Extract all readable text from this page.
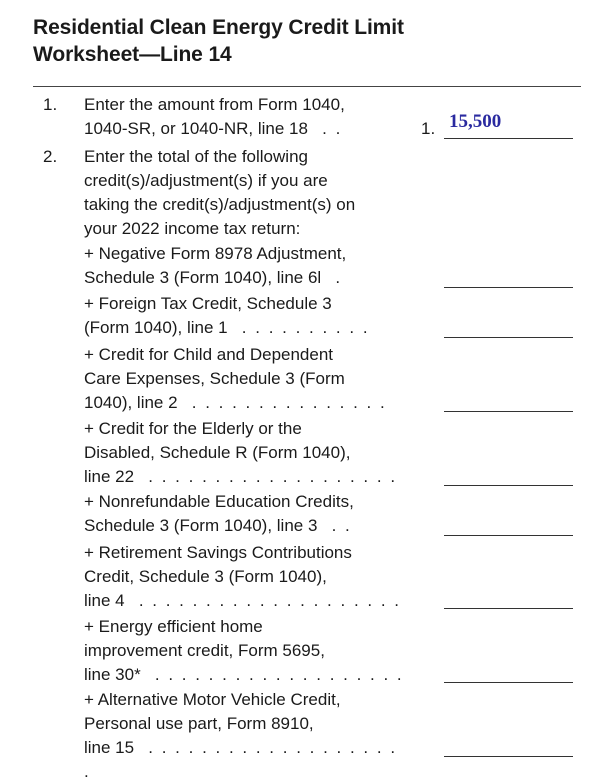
Residential Clean Energy Credit Limit
Worksheet—Line 14
1. Enter the amount from Form 1040,
1040-SR, or 1040-NR, line 18 . .	1. 15,500
2. Enter the total of the following
credit(s)/adjustment(s) if you are
taking the credit(s)/adjustment(s) on
your 2022 income tax return:
+ Negative Form 8978 Adjustment,
Schedule 3 (Form 1040), line 6l .
+ Foreign Tax Credit, Schedule 3
(Form 1040), line 1 . . . . . . . . . .
+ Credit for Child and Dependent
Care Expenses, Schedule 3 (Form
1040), line 2 . . . . . . . . . . . . . . .
+ Credit for the Elderly or the
Disabled, Schedule R (Form 1040),
line 22 . . . . . . . . . . . . . . . . . . .
+ Nonrefundable Education Credits,
Schedule 3 (Form 1040), line 3 . .
+ Retirement Savings Contributions
Credit, Schedule 3 (Form 1040),
line 4 . . . . . . . . . . . . . . . . . . . .
+ Energy efficient home
improvement credit, Form 5695,
line 30* . . . . . . . . . . . . . . . . . . .
+ Alternative Motor Vehicle Credit,
Personal use part, Form 8910,
line 15 . . . . . . . . . . . . . . . . . . . .
